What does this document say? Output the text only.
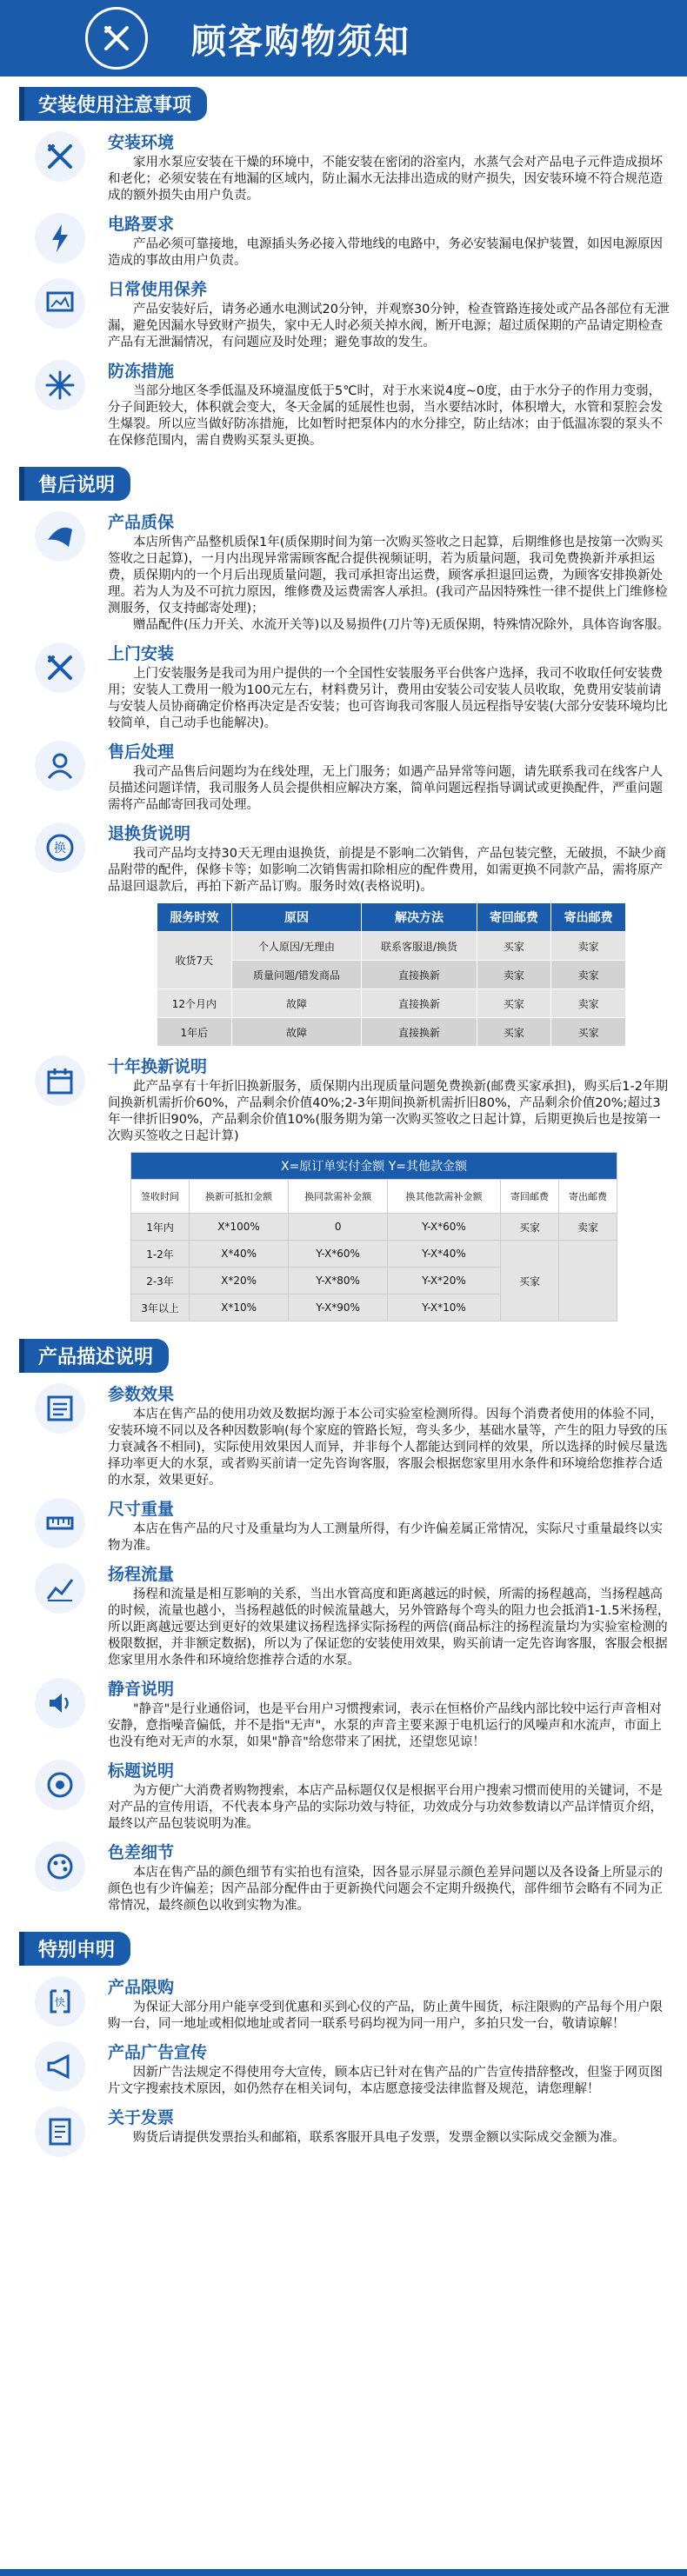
顾客购物须知
安装使用注意事项
安装环境

家用水泵应安装在干燥的环境中，不能安装在密闭的浴室内，水蒸气会对产品电子元件造成损坏和老化；必须安装在有地漏的区域内，防止漏水无法排出造成的财产损失，因安装环境不符合规范造成的额外损失由用户负责。

电路要求

产品必须可靠接地，电源插头务必接入带地线的电路中，务必安装漏电保护装置，如因电源原因造成的事故由用户负责。

日常使用保养

产品安装好后，请务必通水电测试20分钟，并观察30分钟，检查管路连接处或产品各部位有无泄漏，避免因漏水导致财产损失，家中无人时必须关掉水阀，断开电源；超过质保期的产品请定期检查产品有无泄漏情况，有问题应及时处理；避免事故的发生。

防冻措施

当部分地区冬季低温及环境温度低于5℃时，对于水来说4度~0度，由于水分子的作用力变弱，分子间距较大，体积就会变大，冬天金属的延展性也弱，当水要结冰时，体积增大，水管和泵腔会发生爆裂。所以应当做好防冻措施，比如暂时把泵体内的水分排空，防止结冰；由于低温冻裂的泵头不在保修范围内，需自费购买泵头更换。

售后说明
产品质保

本店所售产品整机质保1年(质保期时间为第一次购买签收之日起算，后期维修也是按第一次购买签收之日起算)，一月内出现异常需顾客配合提供视频证明，若为质量问题，我司免费换新并承担运费，质保期内的一个月后出现质量问题，我司承担寄出运费，顾客承担退回运费，为顾客安排换新处理。若为人为及不可抗力原因，维修费及运费需客人承担。(我司产品因特殊性一律不提供上门维修检测服务，仅支持邮寄处理)；

赠品配件(压力开关、水流开关等)以及易损件(刀片等)无质保期，特殊情况除外，具体咨询客服。

上门安装

上门安装服务是我司为用户提供的一个全国性安装服务平台供客户选择，我司不收取任何安装费用；安装人工费用一般为100元左右，材料费另计，费用由安装公司安装人员收取，免费用安装前请与安装人员协商确定价格再决定是否安装；也可咨询我司客服人员远程指导安装(大部分安装环境均比较简单，自己动手也能解决)。

售后处理

我司产品售后问题均为在线处理，无上门服务；如遇产品异常等问题，请先联系我司在线客户人员描述问题详情，我司服务人员会提供相应解决方案，简单问题远程指导调试或更换配件，严重问题需将产品邮寄回我司处理。

换
退换货说明

我司产品均支持30天无理由退换货，前提是不影响二次销售，产品包装完整，无破损，不缺少商品附带的配件，保修卡等；如影响二次销售需扣除相应的配件费用，如需更换不同款产品，需将原产品退回退款后，再拍下新产品订购。服务时效(表格说明)。

服务时效	原因	解决方法	寄回邮费	寄出邮费
收货7天	个人原因/无理由	联系客服退/换货	买家	卖家
	质量问题/错发商品	直接换新	卖家	卖家
12个月内	故障	直接换新	买家	卖家
1年后	故障	直接换新	买家	买家
十年换新说明

此产品享有十年折旧换新服务，质保期内出现质量问题免费换新(邮费买家承担)，购买后1-2年期间换新机需折价60%，产品剩余价值40%;2-3年期间换新机需折旧80%，产品剩余价值20%;超过3年一律折旧90%，产品剩余价值10%(服务期为第一次购买签收之日起计算，后期更换后也是按第一次购买签收之日起计算)

X=原订单实付金额 Y=其他款金额					
签收时间	换新可抵扣金额	换同款需补金额	换其他款需补金额	寄回邮费	寄出邮费
1年内	X*100%	0	Y-X*60%	买家	卖家
1-2年	X*40%	Y-X*60%	Y-X*40%	买家	
2-3年	X*20%	Y-X*80%	Y-X*20%		
3年以上	X*10%	Y-X*90%	Y-X*10%		
产品描述说明
参数效果

本店在售产品的使用功效及数据均源于本公司实验室检测所得。因每个消费者使用的体验不同，安装环境不同以及各种因数影响(每个家庭的管路长短，弯头多少，基础水量等，产生的阻力导致的压力衰减各不相同)，实际使用效果因人而异，并非每个人都能达到同样的效果，所以选择的时候尽量选择功率更大的水泵，或者购买前请一定先咨询客服，客服会根据您家里用水条件和环境给您推荐合适的水泵，效果更好。

尺寸重量

本店在售产品的尺寸及重量均为人工测量所得，有少许偏差属正常情况，实际尺寸重量最终以实物为准。

扬程流量

扬程和流量是相互影响的关系，当出水管高度和距离越远的时候，所需的扬程越高，当扬程越高的时候，流量也越小，当扬程越低的时候流量越大，另外管路每个弯头的阻力也会抵消1-1.5米扬程，所以距离越远要达到更好的效果建议扬程选择实际扬程的两倍(商品标注的扬程流量均为实验室检测的极限数据，并非额定数据)，所以为了保证您的安装使用效果，购买前请一定先咨询客服，客服会根据您家里用水条件和环境给您推荐合适的水泵。

静音说明

"静音"是行业通俗词，也是平台用户习惯搜索词，表示在恒格价产品线内部比较中运行声音相对安静，意指噪音偏低，并不是指"无声"，水泵的声音主要来源于电机运行的风噪声和水流声，市面上也没有绝对无声的水泵，如果"静音"给您带来了困扰，还望您见谅！

标题说明

为方便广大消费者购物搜索，本店产品标题仅仅是根据平台用户搜索习惯而使用的关键词，不是对产品的宣传用语，不代表本身产品的实际功效与特征，功效成分与功效参数请以产品详情页介绍，最终以产品包装说明为准。

色差细节

本店在售产品的颜色细节有实拍也有渲染，因各显示屏显示颜色差异问题以及各设备上所显示的颜色也有少许偏差；因产品部分配件由于更新换代问题会不定期升级换代，部件细节会略有不同为正常情况，最终颜色以收到实物为准。

特别申明
快
产品限购

为保证大部分用户能享受到优惠和买到心仪的产品，防止黄牛囤货，标注限购的产品每个用户限购一台，同一地址或相似地址或者同一联系号码均视为同一用户，多拍只发一台，敬请谅解！

产品广告宣传

因新广告法规定不得使用夸大宣传，顾本店已针对在售产品的广告宣传措辞整改，但鉴于网页图片文字搜索技术原因，如仍然存在相关词句，本店愿意接受法律监督及规范，请您理解！

关于发票

购货后请提供发票抬头和邮箱，联系客服开具电子发票，发票金额以实际成交金额为准。
